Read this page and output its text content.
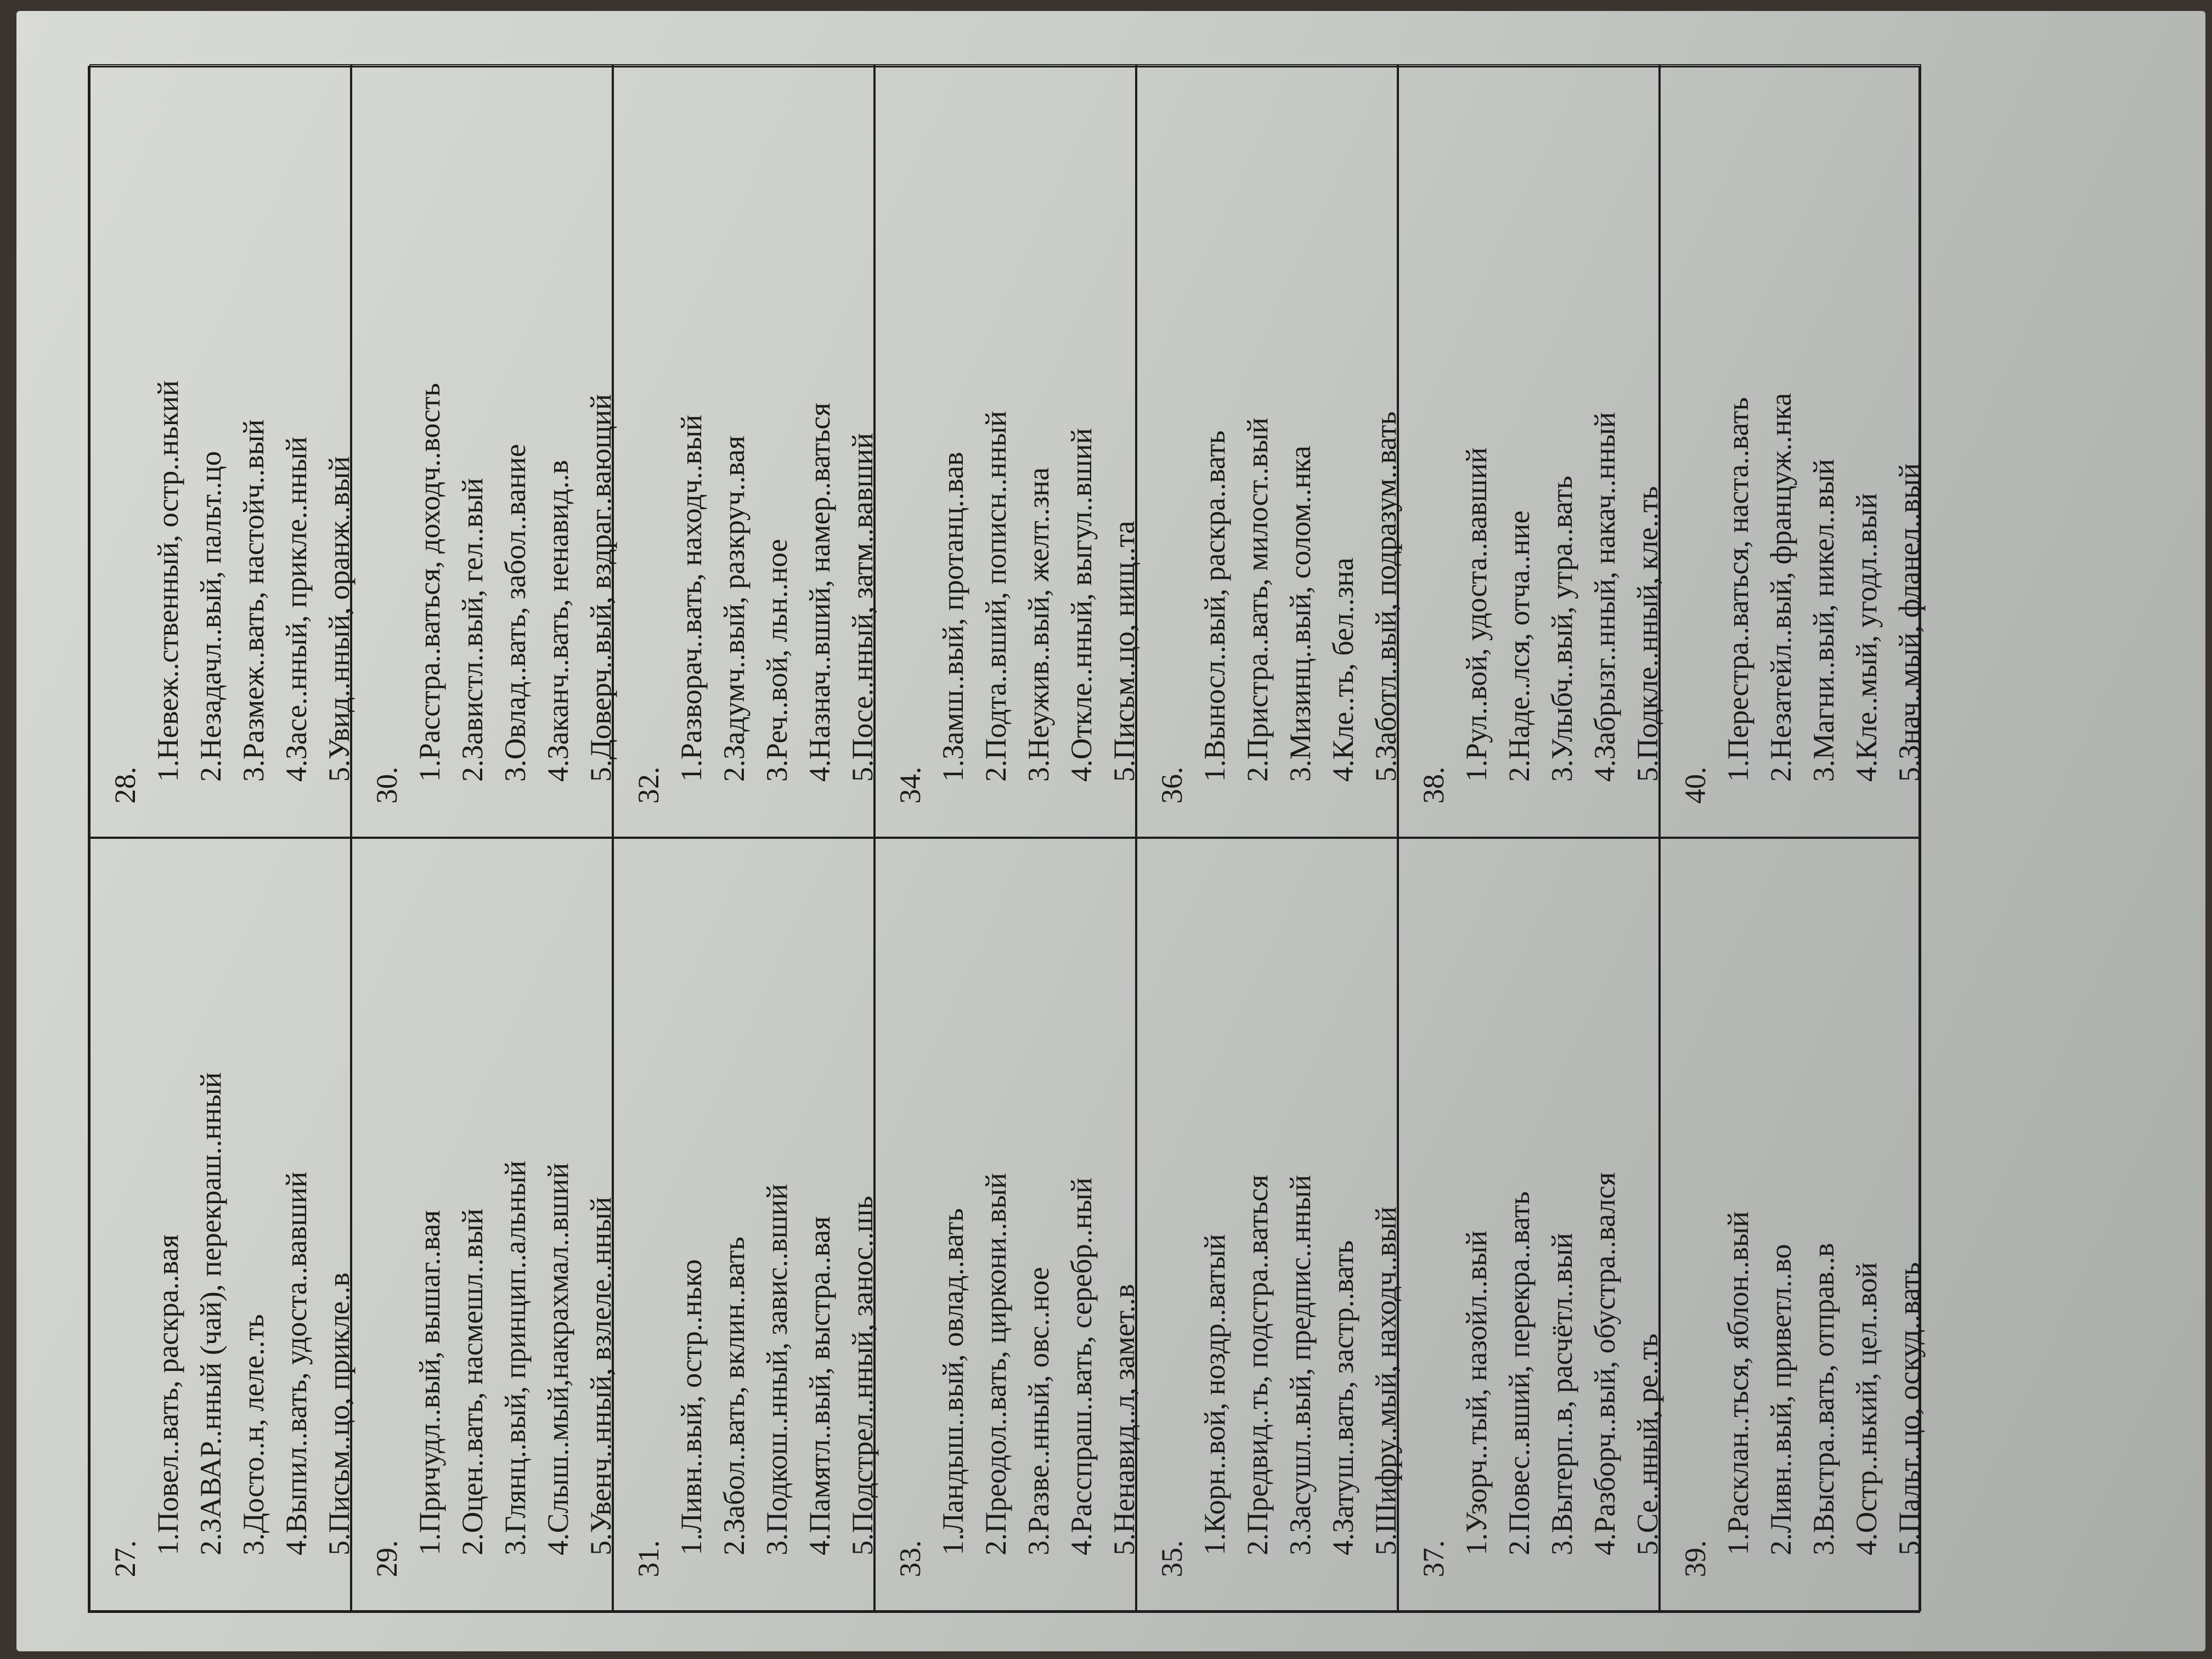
27.
1.Повел..вать, раскра..вая 2.ЗАВАР..нный (чай), перекраш..нный 3.Досто..н, леле..ть 4.Выпил..вать, удоста..вавший 5.Письм..цо, прикле..в
28.
1.Невеж..ственный, остр..нький 2.Незадачл..вый, пальт..цо 3.Размеж..вать, настойч..вый 4.Засе..нный, прикле..нный 5.Увид..нный, оранж..вый
29.
1.Причудл..вый, вышаг..вая 2.Оцен..вать, насмешл..вый 3.Глянц..вый, принцип..альный 4.Слыш..мый,накрахмал..вший 5.Увенч..нный, взлеле..нный
30.
1.Расстра..ваться, доходч..вость 2.Завистл..вый, гел..вый 3.Овлад..вать, забол..вание 4.Заканч..вать, ненавид..в 5.Доверч..вый, вздраг..вающий
31.
1.Ливн..вый, остр..нько 2.Забол..вать, вклин..вать 3.Подкош..нный, завис..вший 4.Памятл..вый, выстра..вая 5.Подстрел..нный, занос..шь
32.
1.Разворач..вать, находч..вый 2.Задумч..вый, разкруч..вая 3.Реч..вой, льн..ное 4.Назнач..вший, намер..ваться 5.Посе..нный, затм..вавший
33.
1.Ландыш..вый, овлад..вать 2.Преодол..вать, циркони..вый 3.Разве..нный, овс..ное 4.Расспраш..вать, серебр..ный 5.Ненавид..л, замет..в
34.
1.Замш..вый, протанц..вав 2.Подта..вший, пописн..нный 3.Неужив..вый, желт..зна 4.Откле..нный, выгул..вший 5.Письм..цо, нищ..та
35.
1.Корн..вой, ноздр..ватый 2.Предвид..ть, подстра..ваться 3.Засушл..вый, предпис..нный 4.Затуш..вать, застр..вать 5.Шифру..мый, находч..вый
36.
1.Выносл..вый, раскра..вать 2.Пристра..вать, милост..вый 3.Мизинц..вый, солом..нка 4.Кле..ть, бел..зна 5.Заботл..вый, подразум..вать
37.
1.Узорч..тый, назойл..вый 2.Повес..вший, перекра..вать 3.Вытерп..в, расчётл..вый 4.Разборч..вый, обустра..вался 5.Се..нный, ре..ть
38.
1.Рул..вой, удоста..вавший 2.Наде..лся, отча..ние 3.Улыбч..вый, утра..вать 4.Забрызг..нный, накач..нный 5.Подкле..нный, кле..ть
39.
1.Расклан..ться, яблон..вый 2.Ливн..вый, приветл..во 3.Выстра..вать, отправ..в 4.Остр..нький, цел..вой 5.Пальт..цо, оскуд..вать
40.
1.Перестра..ваться, наста..вать 2.Незатейл..вый, француж..нка 3.Магни..вый, никел..вый 4.Кле..мый, угодл..вый 5.Знач..мый, фланел..вый
